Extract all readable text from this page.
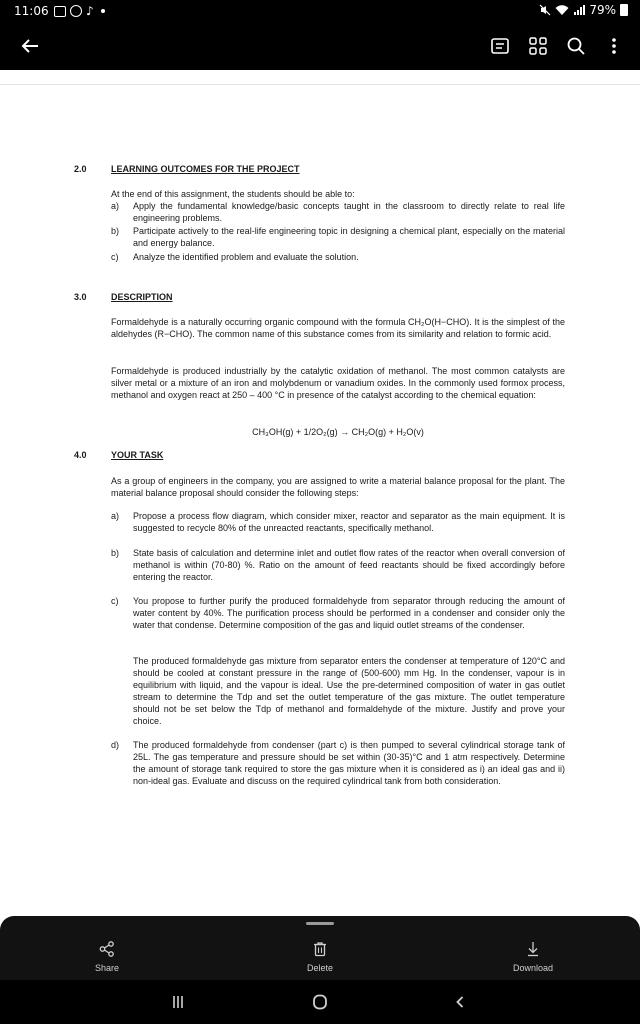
11:06	♪	79%
2.0	LEARNING OUTCOMES FOR THE PROJECT
At the end of this assignment, the students should be able to:
a)	Apply the fundamental knowledge/basic concepts taught in the classroom to directly relate to real life engineering problems.
b)	Participate actively to the real-life engineering topic in designing a chemical plant, especially on the material and energy balance.
c)	Analyze the identified problem and evaluate the solution.
3.0	DESCRIPTION
Formaldehyde is a naturally occurring organic compound with the formula CH₂O(H−CHO). It is the simplest of the aldehydes (R−CHO). The common name of this substance comes from its similarity and relation to formic acid.
Formaldehyde is produced industrially by the catalytic oxidation of methanol. The most common catalysts are silver metal or a mixture of an iron and molybdenum or vanadium oxides. In the commonly used formox process, methanol and oxygen react at 250 – 400 °C in presence of the catalyst according to the chemical equation:
CH₃OH(g) + 1/2O₂(g) → CH₂O(g) + H₂O(v)
4.0	YOUR TASK
As a group of engineers in the company, you are assigned to write a material balance proposal for the plant. The material balance proposal should consider the following steps:
a)	Propose a process flow diagram, which consider mixer, reactor and separator as the main equipment. It is suggested to recycle 80% of the unreacted reactants, specifically methanol.
b)	State basis of calculation and determine inlet and outlet flow rates of the reactor when overall conversion of methanol is within (70-80) %. Ratio on the amount of feed reactants should be fixed accordingly before entering the reactor.
c)	You propose to further purify the produced formaldehyde from separator through reducing the amount of water content by 40%. The purification process should be performed in a condenser and consider only the water that condense. Determine composition of the gas and liquid outlet streams of the condenser.
The produced formaldehyde gas mixture from separator enters the condenser at temperature of 120°C and should be cooled at constant pressure in the range of (500-600) mm Hg. In the condenser, vapour is in equilibrium with liquid, and the vapour is ideal. Use the pre-determined composition of water in gas outlet stream to determine the Tdp and set the outlet temperature of the gas mixture. The outlet temperature should not be set below the Tdp of methanol and formaldehyde of the mixture. Justify and prove your choice.
d)	The produced formaldehyde from condenser (part c) is then pumped to several cylindrical storage tank of 25L. The gas temperature and pressure should be set within (30-35)°C and 1 atm respectively. Determine the amount of storage tank required to store the gas mixture when it is considered as i) an ideal gas and ii) non-ideal gas. Evaluate and discuss on the required cylindrical tank from both consideration.
Share	Delete	Download
